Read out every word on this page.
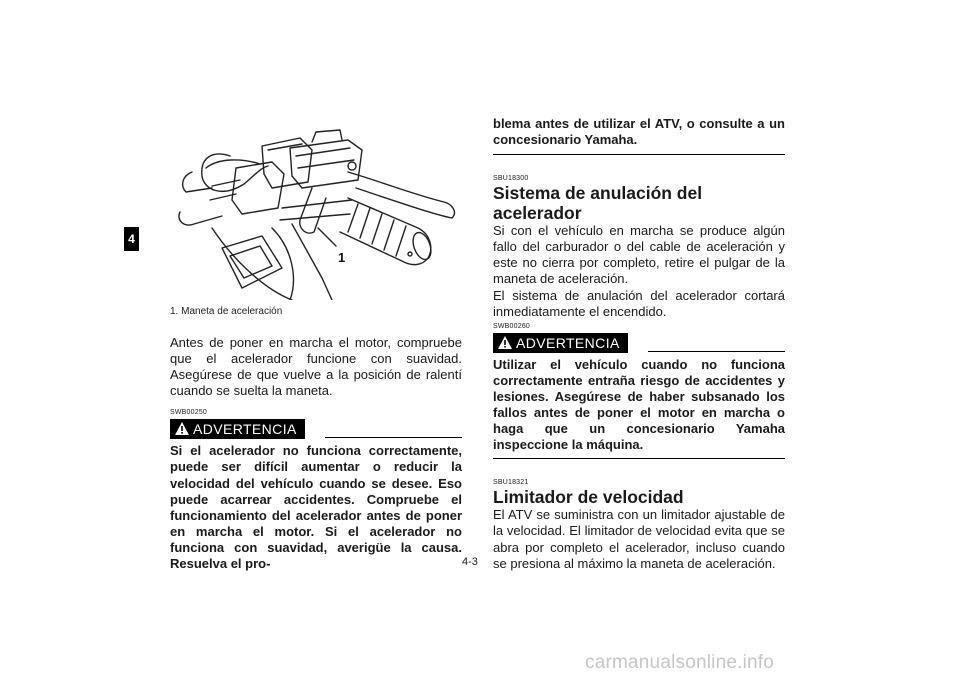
4
1
1. Maneta de aceleración

Antes de poner en marcha el motor, compruebe que el acelerador funcione con suavidad. Asegúrese de que vuelve a la posición de ralentí cuando se suelta la maneta.

SWB00250

ADVERTENCIA

Si el acelerador no funciona correctamente, puede ser difícil aumentar o reducir la velocidad del vehículo cuando se desee. Eso puede acarrear accidentes. Compruebe el funcionamiento del acelerador antes de poner en marcha el motor. Si el acelerador no funciona con suavidad, averigüe la causa. Resuelva el pro-

blema antes de utilizar el ATV, o consulte a un concesionario Yamaha.

SBU18300

Sistema de anulación del acelerador

Si con el vehículo en marcha se produce algún fallo del carburador o del cable de aceleración y este no cierra por completo, retire el pulgar de la maneta de aceleración.

El sistema de anulación del acelerador cortará inmediatamente el encendido.

SWB00260

ADVERTENCIA

Utilizar el vehículo cuando no funciona correctamente entraña riesgo de accidentes y lesiones. Asegúrese de haber subsanado los fallos antes de poner el motor en marcha o haga que un concesionario Yamaha inspeccione la máquina.

SBU18321

Limitador de velocidad

El ATV se suministra con un limitador ajustable de la velocidad. El limitador de velocidad evita que se abra por completo el acelerador, incluso cuando se presiona al máximo la maneta de aceleración.

4-3
carmanualsonline.info
